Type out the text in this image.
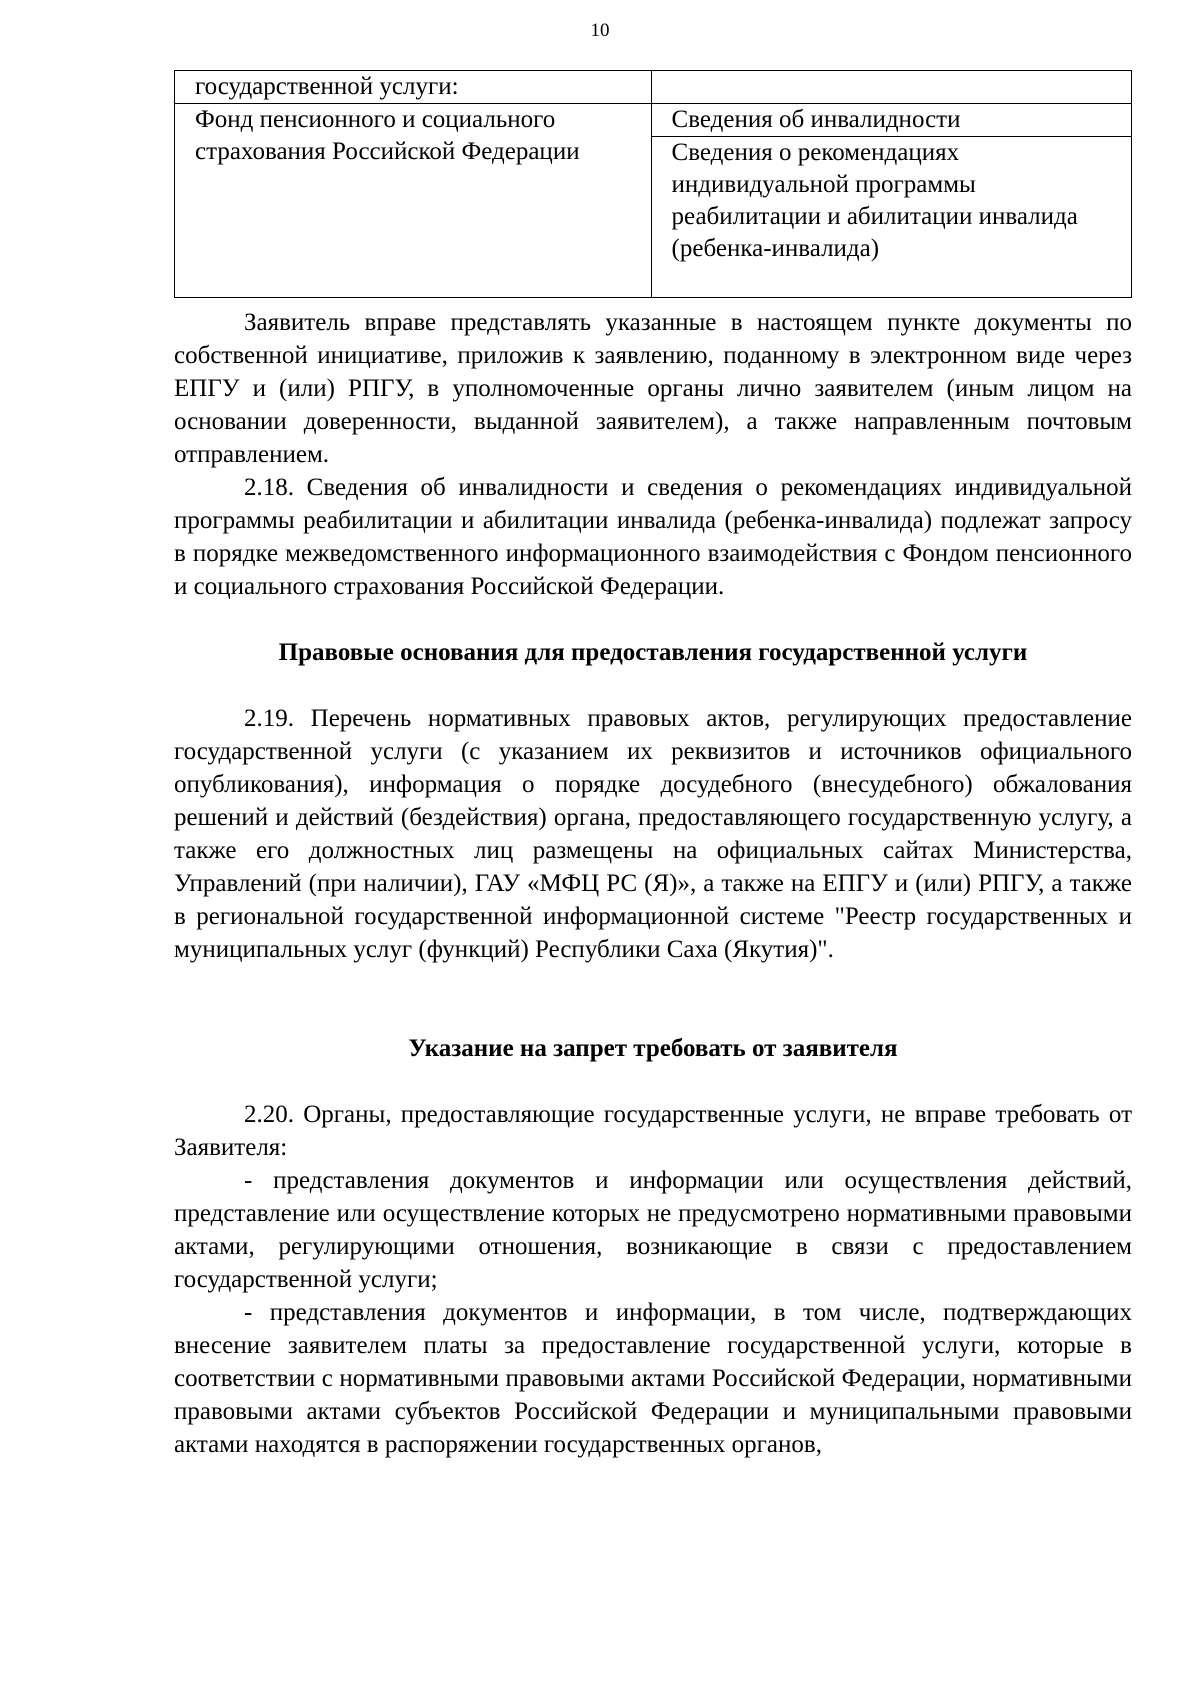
10
государственной услуги:	
Фонд пенсионного и социального страхования Российской Федерации	Сведения об инвалидности
	Сведения о рекомендациях индивидуальной программы реабилитации и абилитации инвалида (ребенка-инвалида)

Заявитель вправе представлять указанные в настоящем пункте документы по собственной инициативе, приложив к заявлению, поданному в электронном виде через ЕПГУ и (или) РПГУ, в уполномоченные органы лично заявителем (иным лицом на основании доверенности, выданной заявителем), а также направленным почтовым отправлением.

2.18. Сведения об инвалидности и сведения о рекомендациях индивидуальной программы реабилитации и абилитации инвалида (ребенка-инвалида) подлежат запросу в порядке межведомственного информационного взаимодействия с Фондом пенсионного и социального страхования Российской Федерации.

Правовые основания для предоставления государственной услуги

2.19. Перечень нормативных правовых актов, регулирующих предоставление государственной услуги (с указанием их реквизитов и источников официального опубликования), информация о порядке досудебного (внесудебного) обжалования решений и действий (бездействия) органа, предоставляющего государственную услугу, а также его должностных лиц размещены на официальных сайтах Министерства, Управлений (при наличии), ГАУ «МФЦ РС (Я)», а также на ЕПГУ и (или) РПГУ, а также в региональной государственной информационной системе "Реестр государственных и муниципальных услуг (функций) Республики Саха (Якутия)".

Указание на запрет требовать от заявителя

2.20. Органы, предоставляющие государственные услуги, не вправе требовать от Заявителя:

- представления документов и информации или осуществления действий, представление или осуществление которых не предусмотрено нормативными правовыми актами, регулирующими отношения, возникающие в связи с предоставлением государственной услуги;

- представления документов и информации, в том числе, подтверждающих внесение заявителем платы за предоставление государственной услуги, которые в соответствии с нормативными правовыми актами Российской Федерации, нормативными правовыми актами субъектов Российской Федерации и муниципальными правовыми актами находятся в распоряжении государственных органов,
